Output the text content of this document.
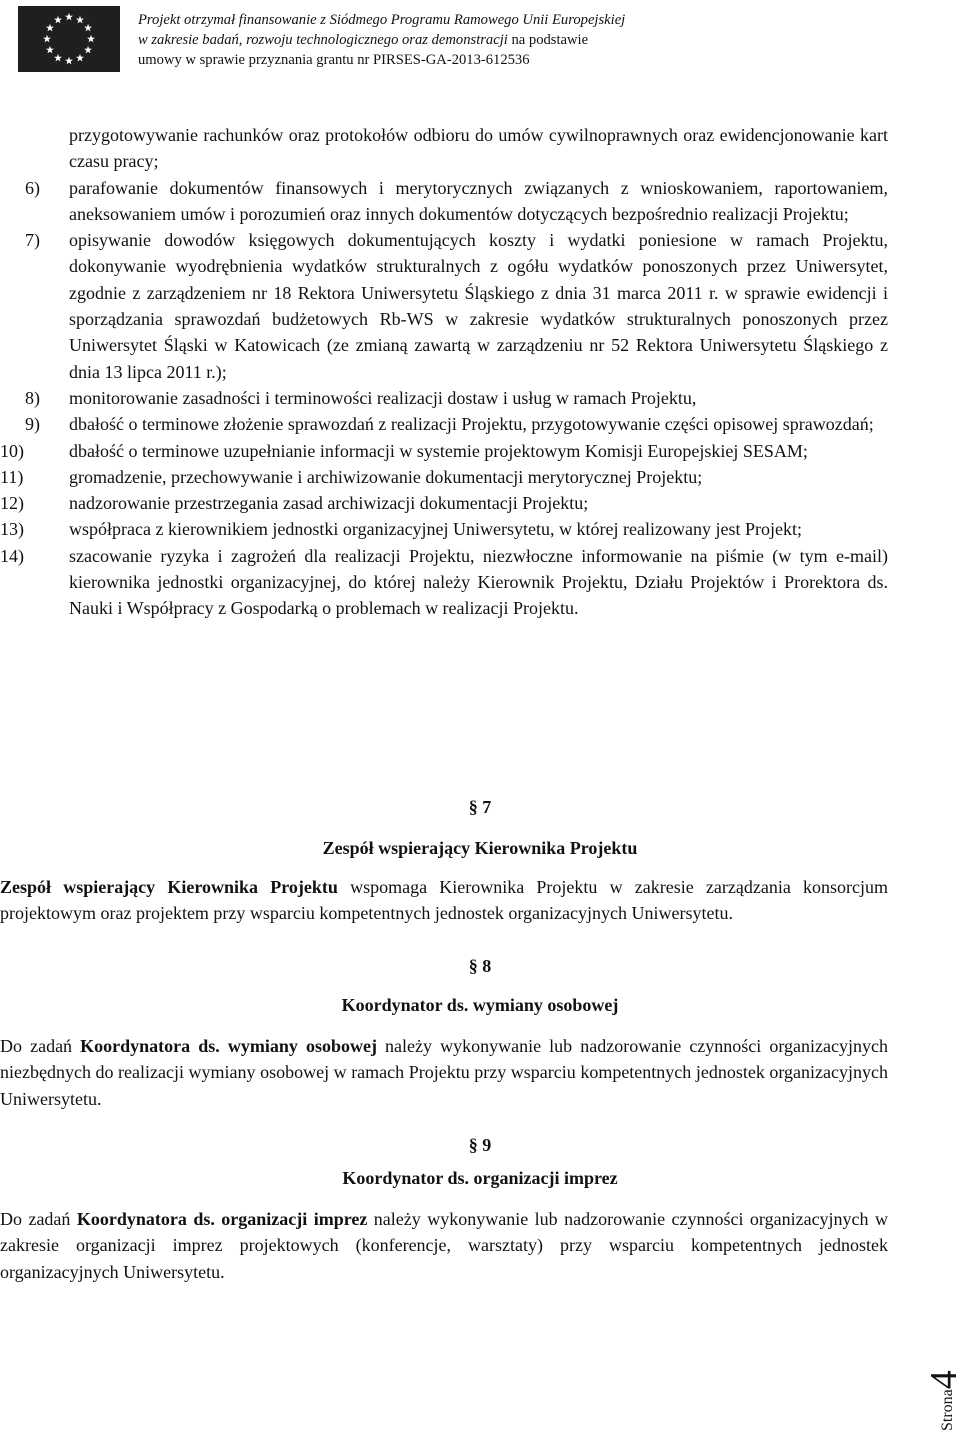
Projekt otrzymał finansowanie z Siódmego Programu Ramowego Unii Europejskiej
w zakresie badań, rozwoju technologicznego oraz demonstracji na podstawie
umowy w sprawie przyznania grantu nr PIRSES-GA-2013-612536
przygotowywanie rachunków oraz protokołów odbioru do umów cywilnoprawnych oraz ewidencjonowanie kart czasu pracy;
6) parafowanie dokumentów finansowych i merytorycznych związanych z wnioskowaniem, raportowaniem, aneksowaniem umów i porozumień oraz innych dokumentów dotyczących bezpośrednio realizacji Projektu;
7) opisywanie dowodów księgowych dokumentujących koszty i wydatki poniesione w ramach Projektu, dokonywanie wyodrębnienia wydatków strukturalnych z ogółu wydatków ponoszonych przez Uniwersytet, zgodnie z zarządzeniem nr 18 Rektora Uniwersytetu Śląskiego z dnia 31 marca 2011 r. w sprawie ewidencji i sporządzania sprawozdań budżetowych Rb-WS w zakresie wydatków strukturalnych ponoszonych przez Uniwersytet Śląski w Katowicach (ze zmianą zawartą w zarządzeniu nr 52 Rektora Uniwersytetu Śląskiego z dnia 13 lipca 2011 r.);
8) monitorowanie zasadności i terminowości realizacji dostaw i usług w ramach Projektu,
9) dbałość o terminowe złożenie sprawozdań z realizacji Projektu, przygotowywanie części opisowej sprawozdań;
10)	dbałość o terminowe uzupełnianie informacji w systemie projektowym Komisji Europejskiej SESAM;
11)	gromadzenie, przechowywanie i archiwizowanie dokumentacji merytorycznej Projektu;
12)	nadzorowanie przestrzegania zasad archiwizacji dokumentacji Projektu;
13)	współpraca z kierownikiem jednostki organizacyjnej Uniwersytetu, w której realizowany jest Projekt;
14)	szacowanie ryzyka i zagrożeń dla realizacji Projektu, niezwłoczne informowanie na piśmie (w tym e-mail) kierownika jednostki organizacyjnej, do której należy Kierownik Projektu, Działu Projektów i Prorektora ds. Nauki i Współpracy z Gospodarką o problemach w realizacji Projektu.
§ 7
Zespół wspierający Kierownika Projektu
Zespół wspierający Kierownika Projektu wspomaga Kierownika Projektu w zakresie zarządzania konsorcjum projektowym oraz projektem przy wsparciu kompetentnych jednostek organizacyjnych Uniwersytetu.
§ 8
Koordynator ds. wymiany osobowej
Do zadań Koordynatora ds. wymiany osobowej należy wykonywanie lub nadzorowanie czynności organizacyjnych niezbędnych do realizacji wymiany osobowej w ramach Projektu przy wsparciu kompetentnych jednostek organizacyjnych Uniwersytetu.
§ 9
Koordynator ds. organizacji imprez
Do zadań Koordynatora ds. organizacji imprez należy wykonywanie lub nadzorowanie czynności organizacyjnych w zakresie organizacji imprez projektowych (konferencje, warsztaty) przy wsparciu kompetentnych jednostek organizacyjnych Uniwersytetu.
Strona4
